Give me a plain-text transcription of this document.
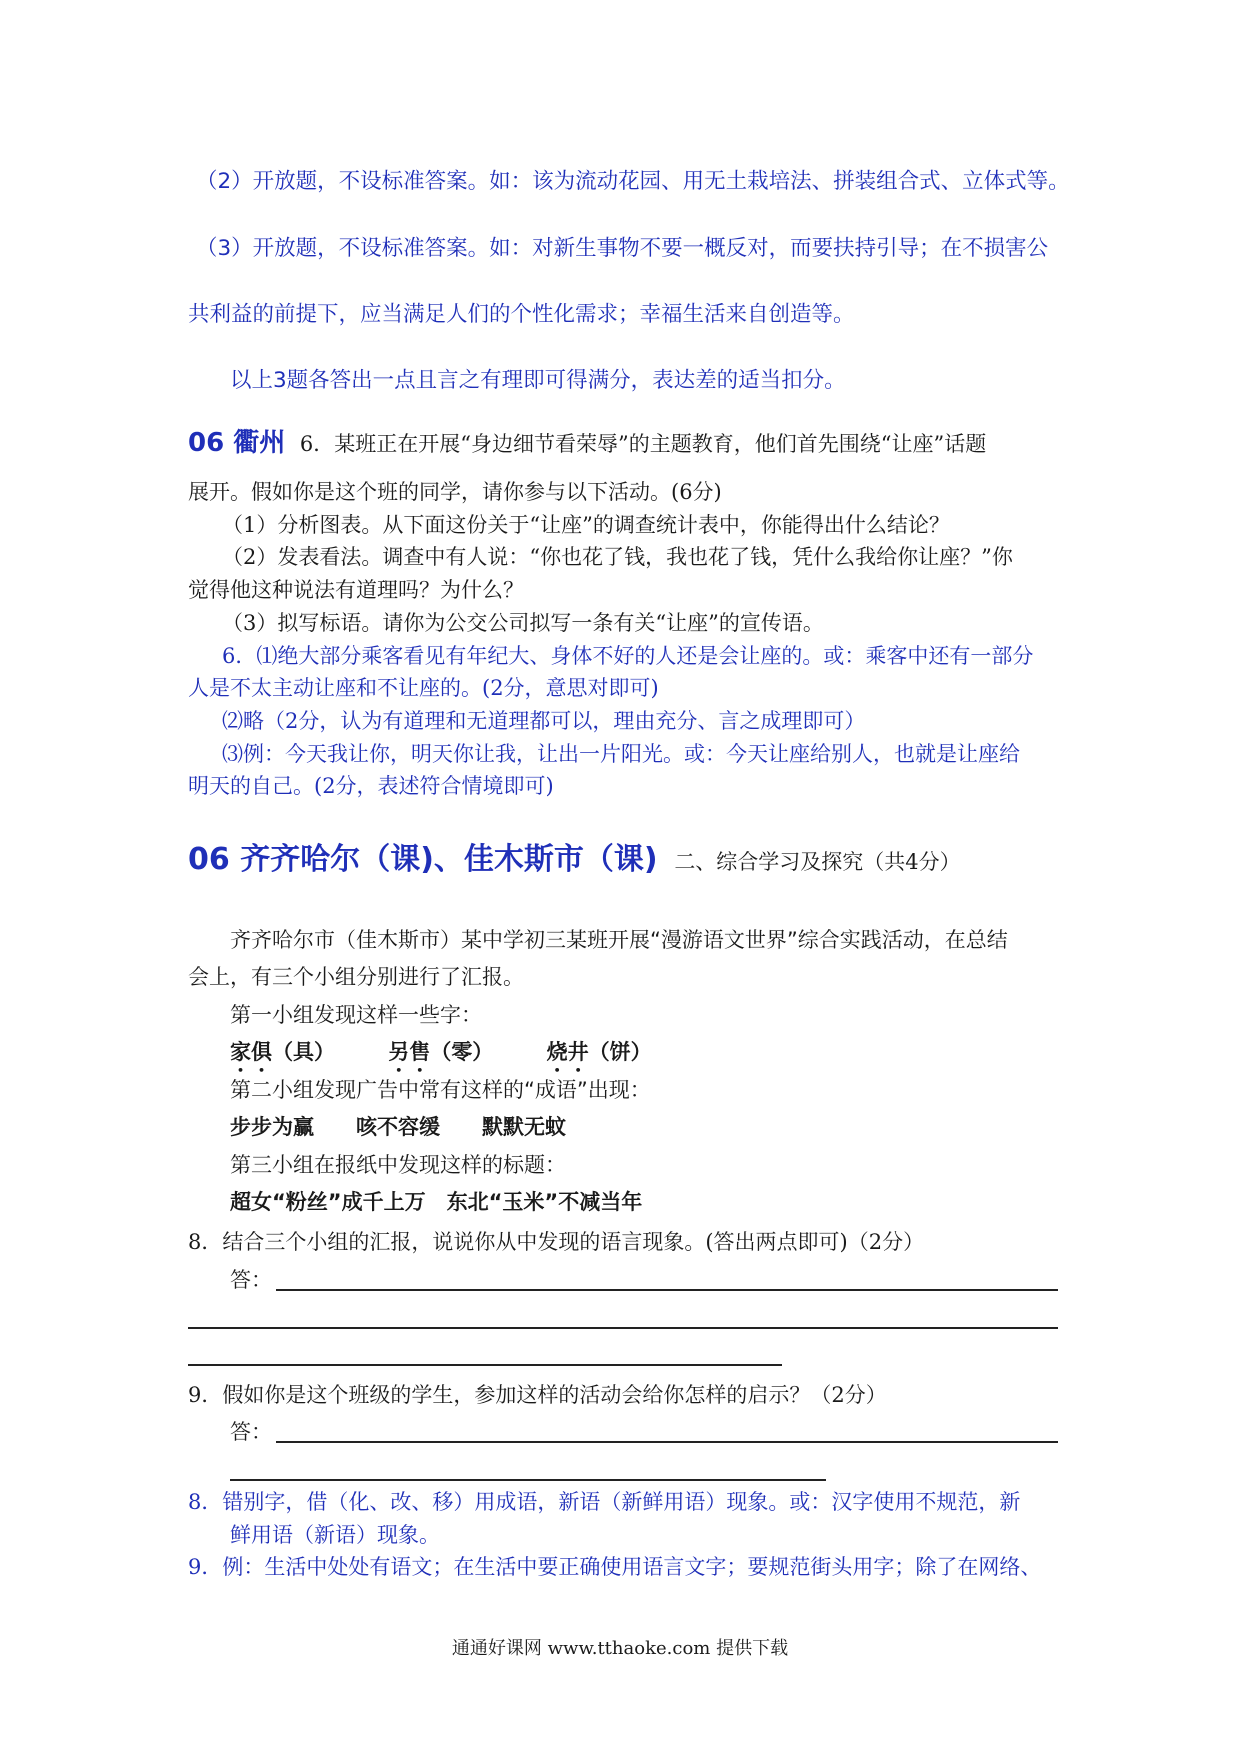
（2）开放题，不设标准答案。如：该为流动花园、用无土栽培法、拼装组合式、立体式等。
（3）开放题，不设标准答案。如：对新生事物不要一概反对，而要扶持引导；在不损害公
共利益的前提下，应当满足人们的个性化需求；幸福生活来自创造等。
以上3题各答出一点且言之有理即可得满分，表达差的适当扣分。
06 衢州 6．某班正在开展“身边细节看荣辱”的主题教育，他们首先围绕“让座”话题
展开。假如你是这个班的同学，请你参与以下活动。(6分)
（1）分析图表。从下面这份关于“让座”的调查统计表中，你能得出什么结论？
（2）发表看法。调查中有人说：“你也花了钱，我也花了钱，凭什么我给你让座？”你
觉得他这种说法有道理吗？为什么？
（3）拟写标语。请你为公交公司拟写一条有关“让座”的宣传语。
6．⑴绝大部分乘客看见有年纪大、身体不好的人还是会让座的。或：乘客中还有一部分
人是不太主动让座和不让座的。(2分，意思对即可)
⑵略（2分，认为有道理和无道理都可以，理由充分、言之成理即可）
⑶例：今天我让你，明天你让我，让出一片阳光。或：今天让座给别人，也就是让座给
明天的自己。(2分，表述符合情境即可)
06 齐齐哈尔（课)、佳木斯市（课) 二、综合学习及探究（共4分）
齐齐哈尔市（佳木斯市）某中学初三某班开展“漫游语文世界”综合实践活动，在总结
会上，有三个小组分别进行了汇报。
第一小组发现这样一些字：
家俱（具）	另售（零）	烧井（饼）
第二小组发现广告中常有这样的“成语”出现：
步步为赢　　咳不容缓　　默默无蚊
第三小组在报纸中发现这样的标题：
超女“粉丝”成千上万　东北“玉米”不减当年
8．结合三个小组的汇报，说说你从中发现的语言现象。(答出两点即可)（2分）
答：
9．假如你是这个班级的学生，参加这样的活动会给你怎样的启示？（2分）
答：
8．错别字，借（化、改、移）用成语，新语（新鲜用语）现象。或：汉字使用不规范，新
鲜用语（新语）现象。
9．例：生活中处处有语文；在生活中要正确使用语言文字；要规范街头用字；除了在网络、
通通好课网 www.tthaoke.com 提供下载
